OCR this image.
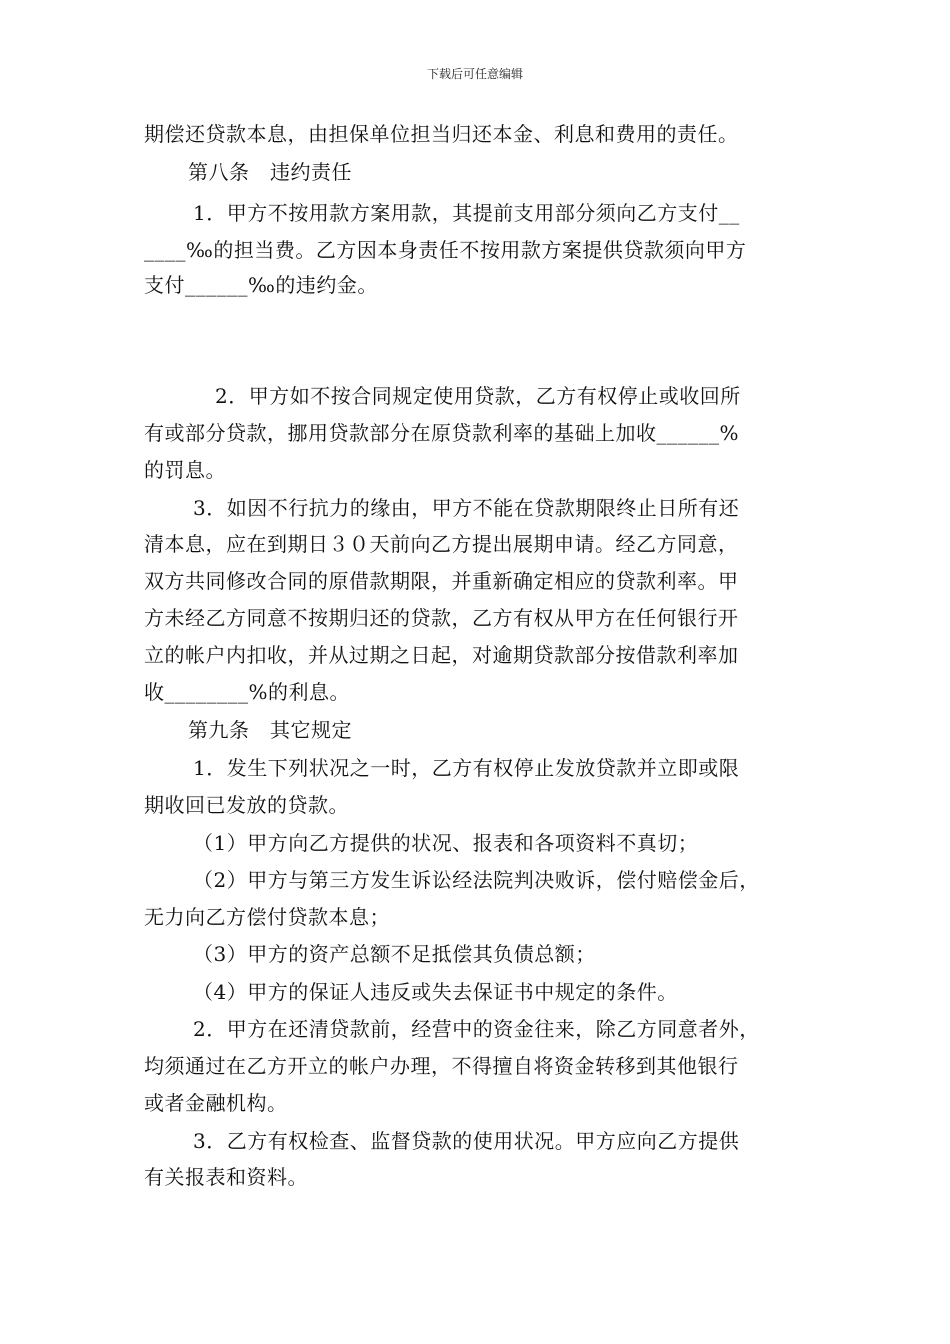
下载后可任意编辑
期偿还贷款本息，由担保单位担当归还本金、利息和费用的责任。
第八条　违约责任
1．甲方不按用款方案用款，其提前支用部分须向乙方支付__
____‰的担当费。乙方因本身责任不按用款方案提供贷款须向甲方
支付______‰的违约金。
2．甲方如不按合同规定使用贷款，乙方有权停止或收回所
有或部分贷款，挪用贷款部分在原贷款利率的基础上加收______%
的罚息。
3．如因不行抗力的缘由，甲方不能在贷款期限终止日所有还
清本息，应在到期日３０天前向乙方提出展期申请。经乙方同意，
双方共同修改合同的原借款期限，并重新确定相应的贷款利率。甲
方未经乙方同意不按期归还的贷款，乙方有权从甲方在任何银行开
立的帐户内扣收，并从过期之日起，对逾期贷款部分按借款利率加
收________%的利息。
第九条　其它规定
1．发生下列状况之一时，乙方有权停止发放贷款并立即或限
期收回已发放的贷款。
（1）甲方向乙方提供的状况、报表和各项资料不真切；
（2）甲方与第三方发生诉讼经法院判决败诉，偿付赔偿金后，
无力向乙方偿付贷款本息；
（3）甲方的资产总额不足抵偿其负债总额；
（4）甲方的保证人违反或失去保证书中规定的条件。
2．甲方在还清贷款前，经营中的资金往来，除乙方同意者外，
均须通过在乙方开立的帐户办理，不得擅自将资金转移到其他银行
或者金融机构。
3．乙方有权检查、监督贷款的使用状况。甲方应向乙方提供
有关报表和资料。
